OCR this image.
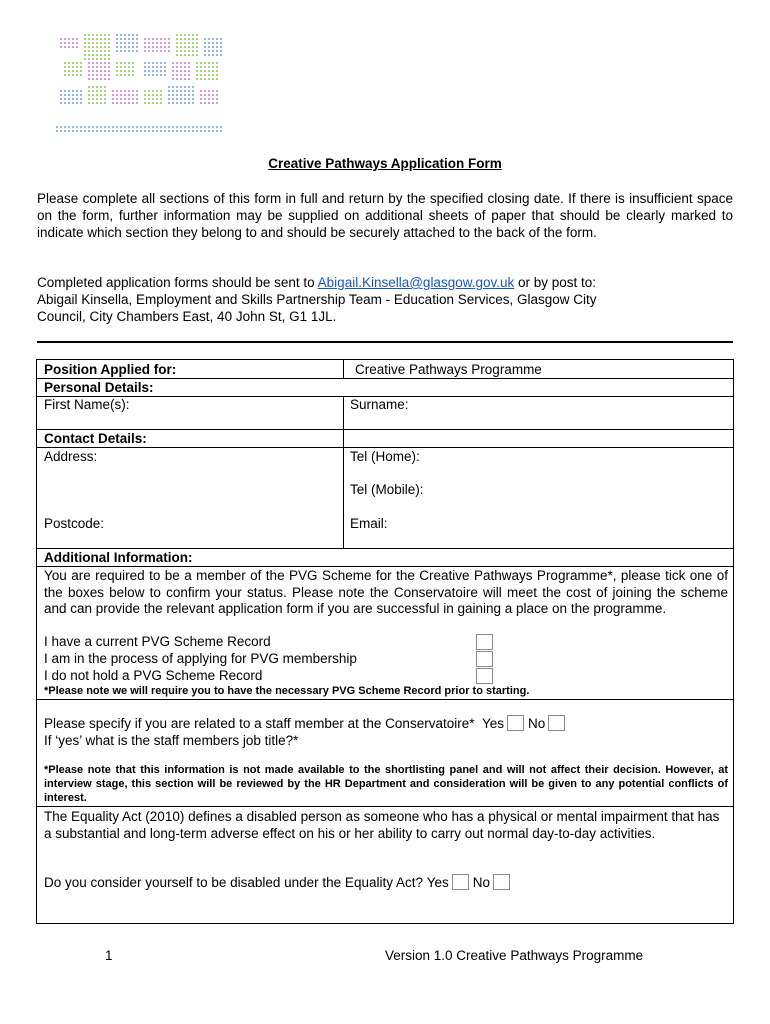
Creative Pathways Application Form
Please complete all sections of this form in full and return by the specified closing date. If there is insufficient space on the form, further information may be supplied on additional sheets of paper that should be clearly marked to indicate which section they belong to and should be securely attached to the back of the form.
Completed application forms should be sent to Abigail.Kinsella@glasgow.gov.uk or by post to:
Abigail Kinsella, Employment and Skills Partnership Team - Education Services, Glasgow City
Council, City Chambers East, 40 John St, G1 1JL.
Position Applied for:	Creative Pathways Programme
Personal Details:
First Name(s):	Surname:
Contact Details:
Address:	Tel (Home):
Tel (Mobile):
Postcode:	Email:
Additional Information:
You are required to be a member of the PVG Scheme for the Creative Pathways Programme*, please tick one of the boxes below to confirm your status. Please note the Conservatoire will meet the cost of joining the scheme and can provide the relevant application form if you are successful in gaining a place on the programme.
I have a current PVG Scheme Record
I am in the process of applying for PVG membership
I do not hold a PVG Scheme Record
*Please note we will require you to have the necessary PVG Scheme Record prior to starting.
Please specify if you are related to a staff member at the Conservatoire* Yes No
If ‘yes’ what is the staff members job title?*
*Please note that this information is not made available to the shortlisting panel and will not affect their decision. However, at interview stage, this section will be reviewed by the HR Department and consideration will be given to any potential conflicts of interest.
The Equality Act (2010) defines a disabled person as someone who has a physical or mental impairment that has a substantial and long-term adverse effect on his or her ability to carry out normal day-to-day activities.
Do you consider yourself to be disabled under the Equality Act? Yes No
1	Version 1.0 Creative Pathways Programme
